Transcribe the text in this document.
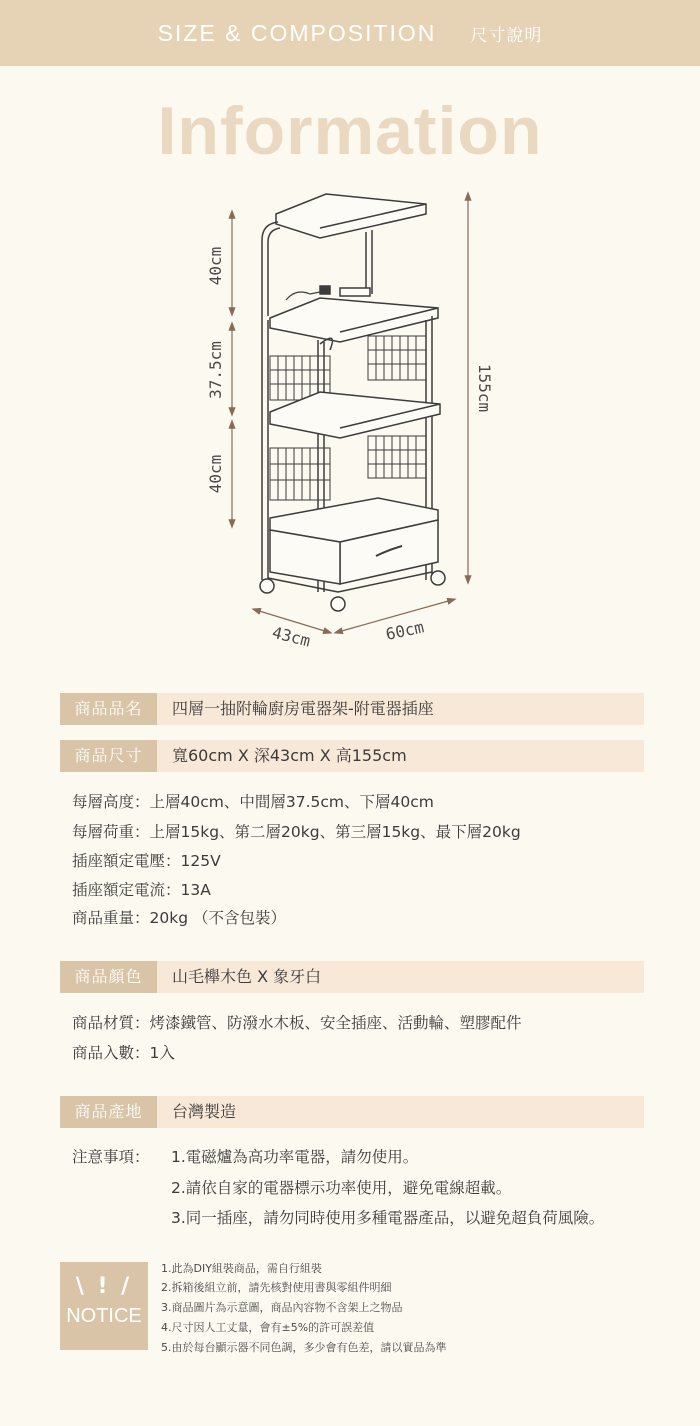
SIZE & COMPOSITION 尺寸說明
Information
40cm
37.5cm
40cm
155cm
43cm	60cm
商品品名	四層一抽附輪廚房電器架-附電器插座
商品尺寸	寬60cm X 深43cm X 高155cm
每層高度：上層40cm、中間層37.5cm、下層40cm
每層荷重：上層15kg、第二層20kg、第三層15kg、最下層20kg
插座額定電壓：125V
插座額定電流：13A
商品重量：20kg （不含包裝）
商品顏色	山毛櫸木色 X 象牙白
商品材質：烤漆鐵管、防潑水木板、安全插座、活動輪、塑膠配件
商品入數：1入
商品產地	台灣製造
注意事項： 1.電磁爐為高功率電器，請勿使用。
2.請依自家的電器標示功率使用，避免電線超載。
3.同一插座，請勿同時使用多種電器產品，以避免超負荷風險。
\ ! /
NOTICE
1.此為DIY組裝商品，需自行組裝
2.拆箱後組立前，請先核對使用書與零組件明細
3.商品圖片為示意圖，商品內容物不含架上之物品
4.尺寸因人工丈量，會有±5%的許可誤差值
5.由於每台顯示器不同色調，多少會有色差，請以實品為準
